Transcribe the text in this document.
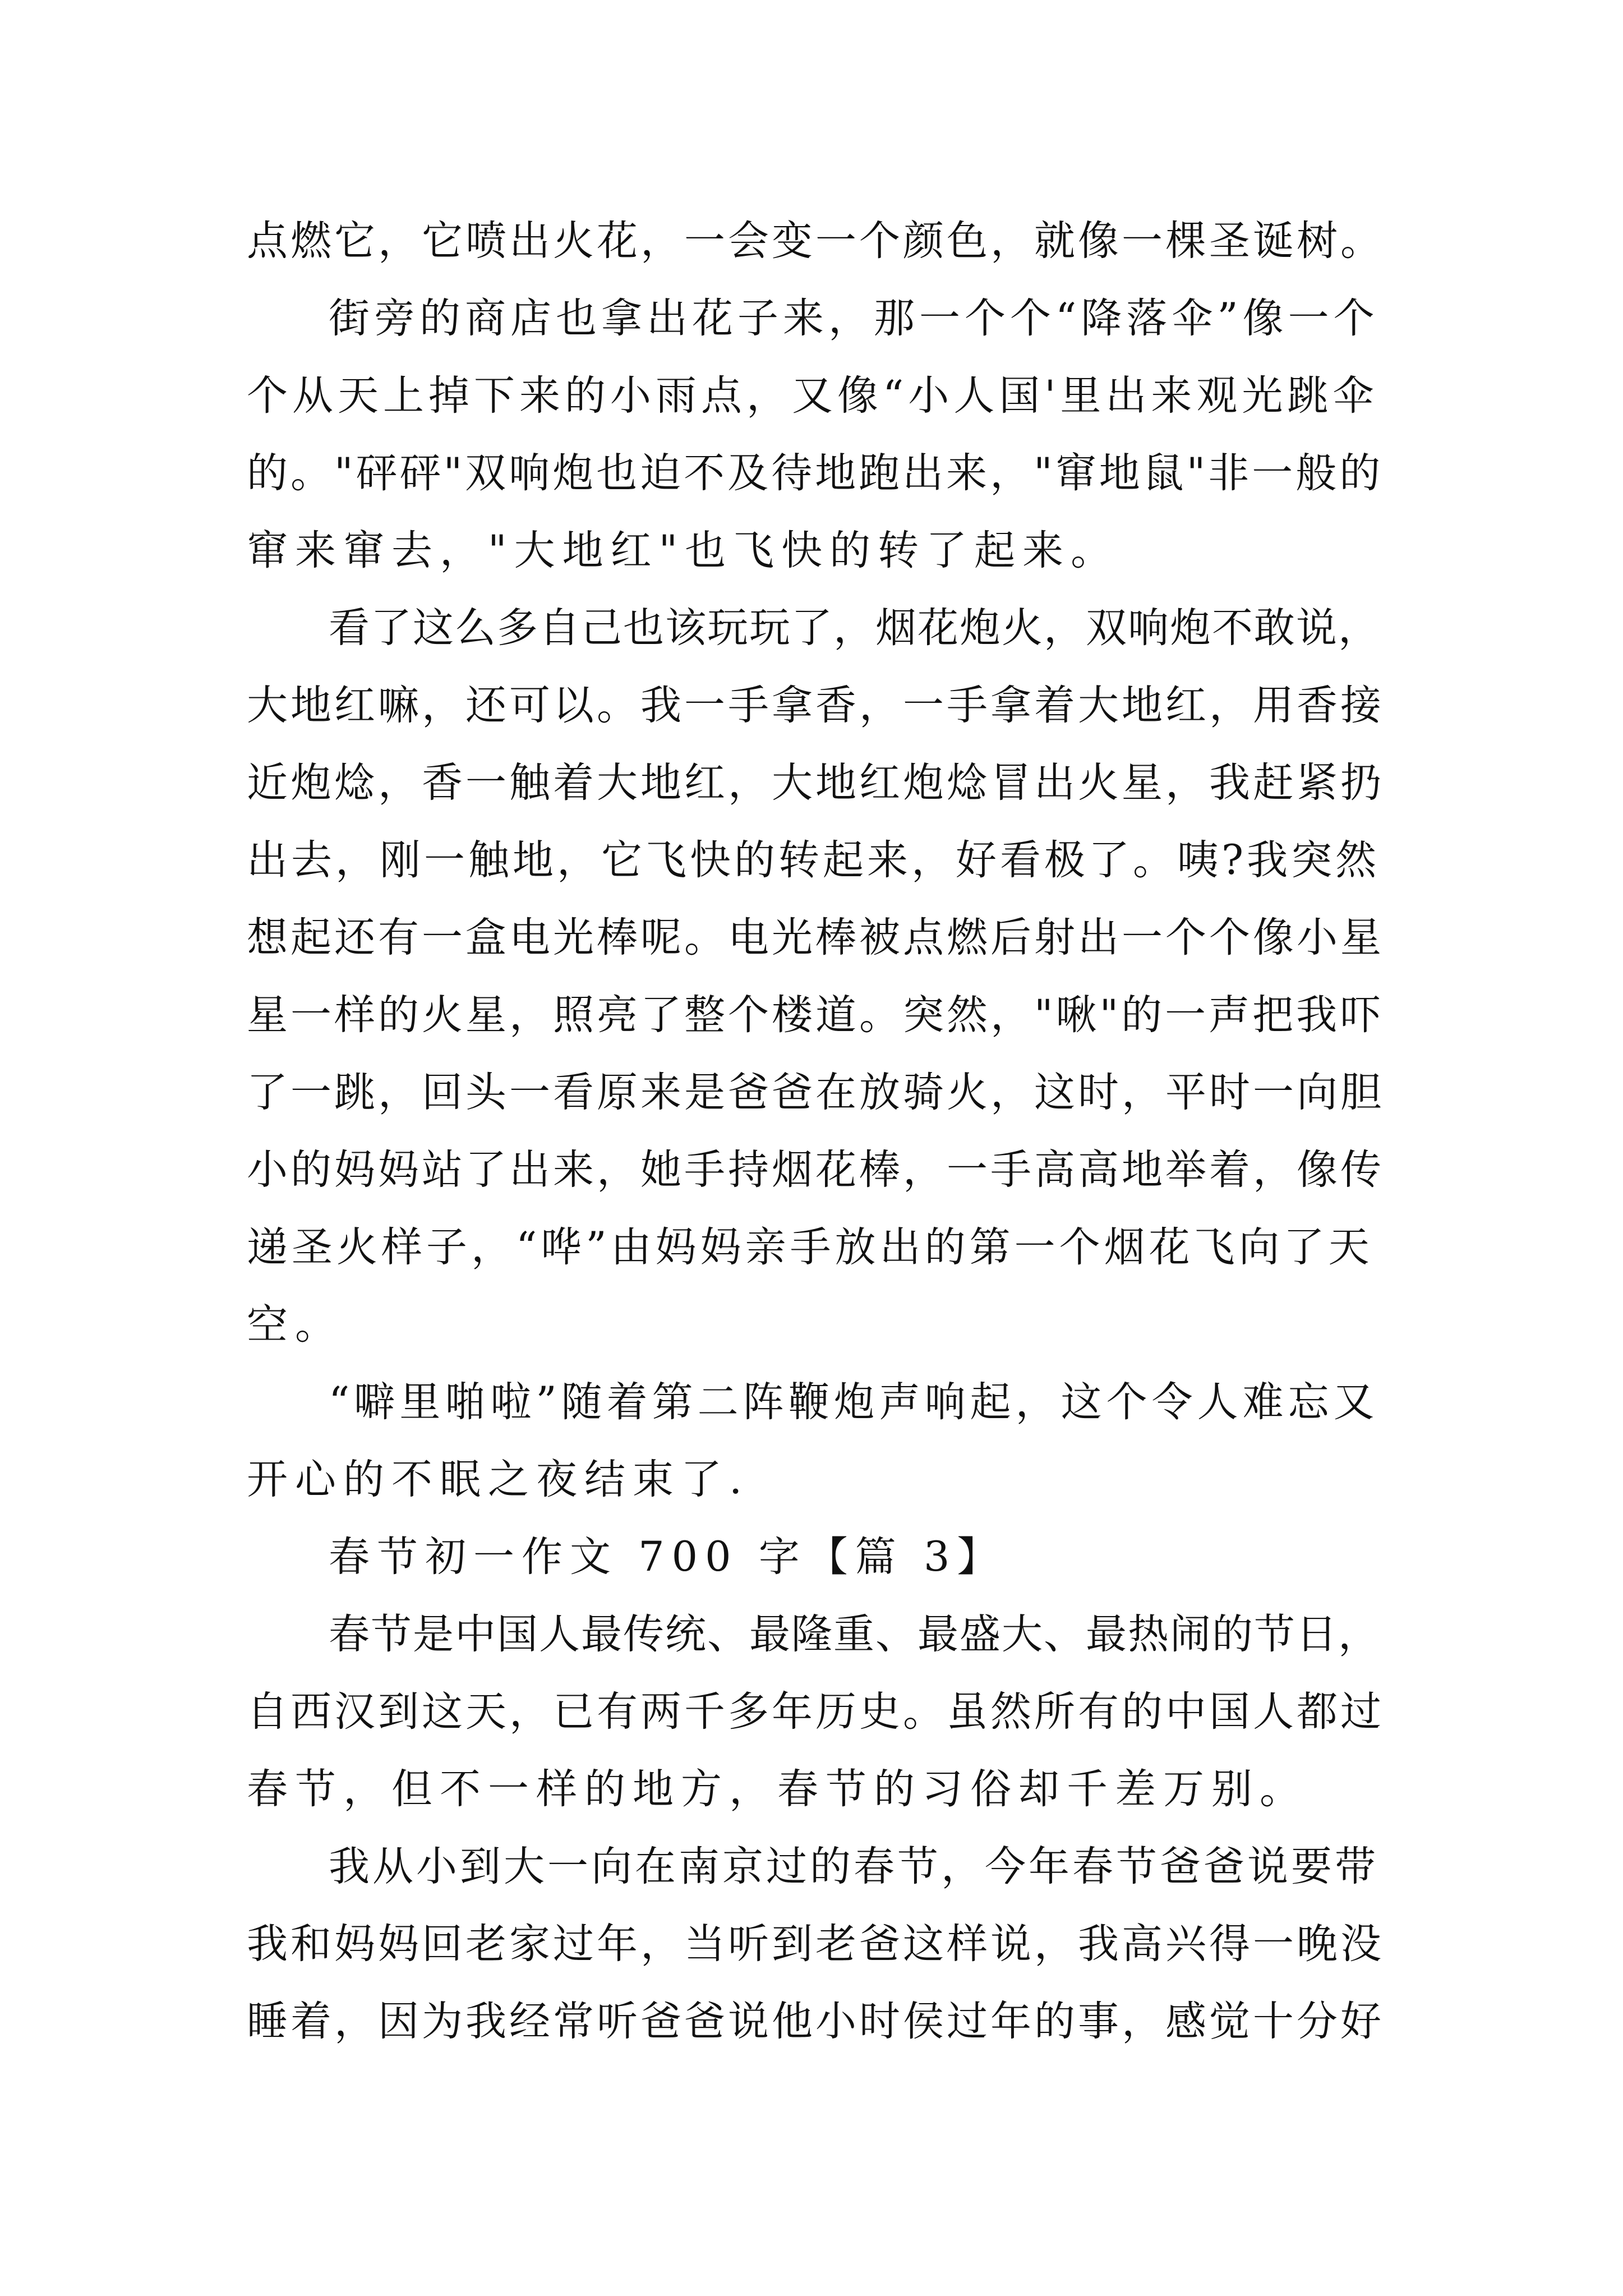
点燃它，它喷出火花，一会变一个颜色，就像一棵圣诞树。

街旁的商店也拿出花子来，那一个个“降落伞”像一个

个从天上掉下来的小雨点，又像“小人国'里出来观光跳伞

的。"砰砰"双响炮也迫不及待地跑出来，"窜地鼠"非一般的

窜来窜去，"大地红"也飞快的转了起来。

看了这么多自己也该玩玩了，烟花炮火，双响炮不敢说，

大地红嘛，还可以。我一手拿香，一手拿着大地红，用香接

近炮焾，香一触着大地红，大地红炮焾冒出火星，我赶紧扔

出去，刚一触地，它飞快的转起来，好看极了。咦?我突然

想起还有一盒电光棒呢。电光棒被点燃后射出一个个像小星

星一样的火星，照亮了整个楼道。突然，"啾"的一声把我吓

了一跳，回头一看原来是爸爸在放骑火，这时，平时一向胆

小的妈妈站了出来，她手持烟花棒，一手高高地举着，像传

递圣火样子，“哗”由妈妈亲手放出的第一个烟花飞向了天

空。

“噼里啪啦”随着第二阵鞭炮声响起，这个令人难忘又

开心的不眠之夜结束了.

春节初一作文 700 字【篇 3】

春节是中国人最传统、最隆重、最盛大、最热闹的节日，

自西汉到这天，已有两千多年历史。虽然所有的中国人都过

春节，但不一样的地方，春节的习俗却千差万别。

我从小到大一向在南京过的春节，今年春节爸爸说要带

我和妈妈回老家过年，当听到老爸这样说，我高兴得一晚没

睡着，因为我经常听爸爸说他小时侯过年的事，感觉十分好
